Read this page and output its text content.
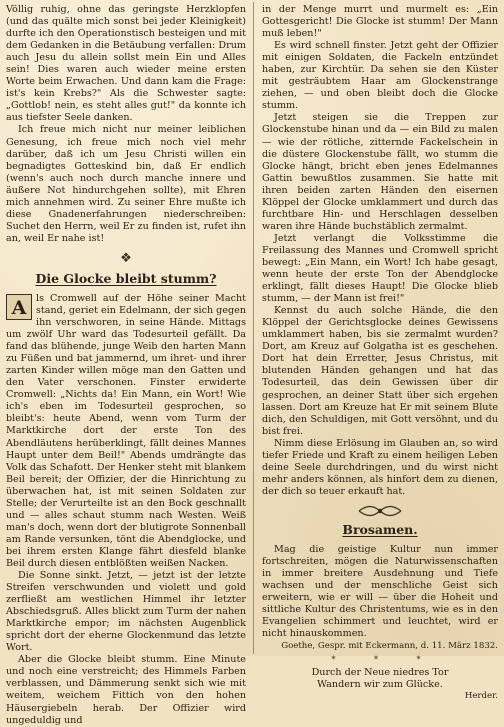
Völlig ruhig, ohne das geringste Herzklopfen (und das quälte mich sonst bei jeder Kleinigkeit) durfte ich den Operationstisch besteigen und mit dem Gedanken in die Betäubung verfallen: Drum auch Jesu du allein sollst mein Ein und Alles sein! Dies waren auch wieder meine ersten Worte beim Erwachen. Und dann kam die Frage: ist's kein Krebs?" Als die Schwester sagte: „Gottlob! nein, es steht alles gut!" da konnte ich aus tiefster Seele danken.

Ich freue mich nicht nur meiner leiblichen Genesung, ich freue mich noch viel mehr darüber, daß ich um Jesu Christi willen ein begnadigtes Gotteskind bin, daß Er endlich (wenn's auch noch durch manche innere und äußere Not hindurchgehen sollte), mit Ehren mich annehmen wird. Zu seiner Ehre mußte ich diese Gnadenerfahrungen niederschreiben: Suchet den Herrn, weil Er zu finden ist, rufet ihn an, weil Er nahe ist!

❖
Die Glocke bleibt stumm?

A	ls Cromwell auf der Höhe seiner Macht stand, geriet ein Edelmann, der sich gegen ihn verschworen, in seine Hände. Mittags um zwölf Uhr ward das Todesurteil gefällt. Da fand das blühende, junge Weib den harten Mann zu Füßen und bat jammernd, um ihret- und ihrer zarten Kinder willen möge man den Gatten und den Vater verschonen. Finster erwiderte Cromwell: „Nichts da! Ein Mann, ein Wort! Wie ich's eben im Todesurteil gesprochen, so bleibt's: heute Abend, wenn vom Turm der Marktkirche dort der erste Ton des Abendläutens herüberklingt, fällt deines Mannes Haupt unter dem Beil!" Abends umdrängte das Volk das Schafott. Der Henker steht mit blankem Beil bereit; der Offizier, der die Hinrichtung zu überwachen hat, ist mit seinen Soldaten zur Stelle; der Verurteilte ist an den Bock geschnallt und — alles schaut stumm nach Westen. Weiß man's doch, wenn dort der blutigrote Sonnenball am Rande versunken, tönt die Abendglocke, und bei ihrem ersten Klange fährt diesfeld blanke Beil durch diesen entblößten weißen Nacken.

Die Sonne sinkt. Jetzt, — jetzt ist der letzte Streifen verschwunden und violett und gold zerfließt am westlichen Himmel ihr letzter Abschiedsgruß. Alles blickt zum Turm der nahen Marktkirche empor; im nächsten Augenblick spricht dort der eherne Glockenmund das letzte Wort.

Aber die Glocke bleibt stumm. Eine Minute und noch eine verstreicht; des Himmels Farben verblassen, und Dämmerung senkt sich wie mit weitem, weichem Fittich von den hohen Häusergiebeln herab. Der Offizier wird ungeduldig und

in der Menge murrt und murmelt es: „Ein Gottesgericht! Die Glocke ist stumm! Der Mann muß leben!"

Es wird schnell finster. Jetzt geht der Offizier mit einigen Soldaten, die Fackeln entzündet haben, zur Kirchtür. Da sehen sie den Küster mit gesträubtem Haar am Glockenstrange ziehen, — und oben bleibt doch die Glocke stumm.

Jetzt steigen sie die Treppen zur Glockenstube hinan und da — ein Bild zu malen — wie der rötliche, zitternde Fackelschein in die düstere Glockenstube fällt, wo stumm die Glocke hängt, bricht eben jenes Edelmannes Gattin bewußtlos zusammen. Sie hatte mit ihren beiden zarten Händen den eisernen Klöppel der Glocke umklammert und durch das furchtbare Hin- und Herschlagen desselben waren ihre Hände buchstäblich zermalmt.

Jetzt verlangt die Volksstimme die Freilassung des Mannes und Cromwell spricht bewegt: „Ein Mann, ein Wort! Ich habe gesagt, wenn heute der erste Ton der Abendglocke erklingt, fällt dieses Haupt! Die Glocke blieb stumm, — der Mann ist frei!"

Kennst du auch solche Hände, die den Klöppel der Gerichtsglocke deines Gewissens umklammert haben, bis sie zermalmt wurden? Dort, am Kreuz auf Golgatha ist es geschehen. Dort hat dein Erretter, Jesus Christus, mit blutenden Händen gehangen und hat das Todesurteil, das dein Gewissen über dir gesprochen, an deiner Statt über sich ergehen lassen. Dort am Kreuze hat Er mit seinem Blute dich, den Schuldigen, mit Gott versöhnt, und du bist frei.

Nimm diese Erlösung im Glauben an, so wird tiefer Friede und Kraft zu einem heiligen Leben deine Seele durchdringen, und du wirst nicht mehr anders können, als hinfort dem zu dienen, der dich so teuer erkauft hat.

Brosamen.

Mag die geistige Kultur nun immer fortschreiten, mögen die Naturwissenschaften in immer breitere Ausdehnung und Tiefe wachsen und der menschliche Geist sich erweitern, wie er will — über die Hoheit und sittliche Kultur des Christentums, wie es in den Evangelien schimmert und leuchtet, wird er nicht hinauskommen.

Goethe, Gespr. mit Eckermann, d. 11. März 1832.
* * *
Durch der Neue niedres Tor
Wandern wir zum Glücke.
Herder.
